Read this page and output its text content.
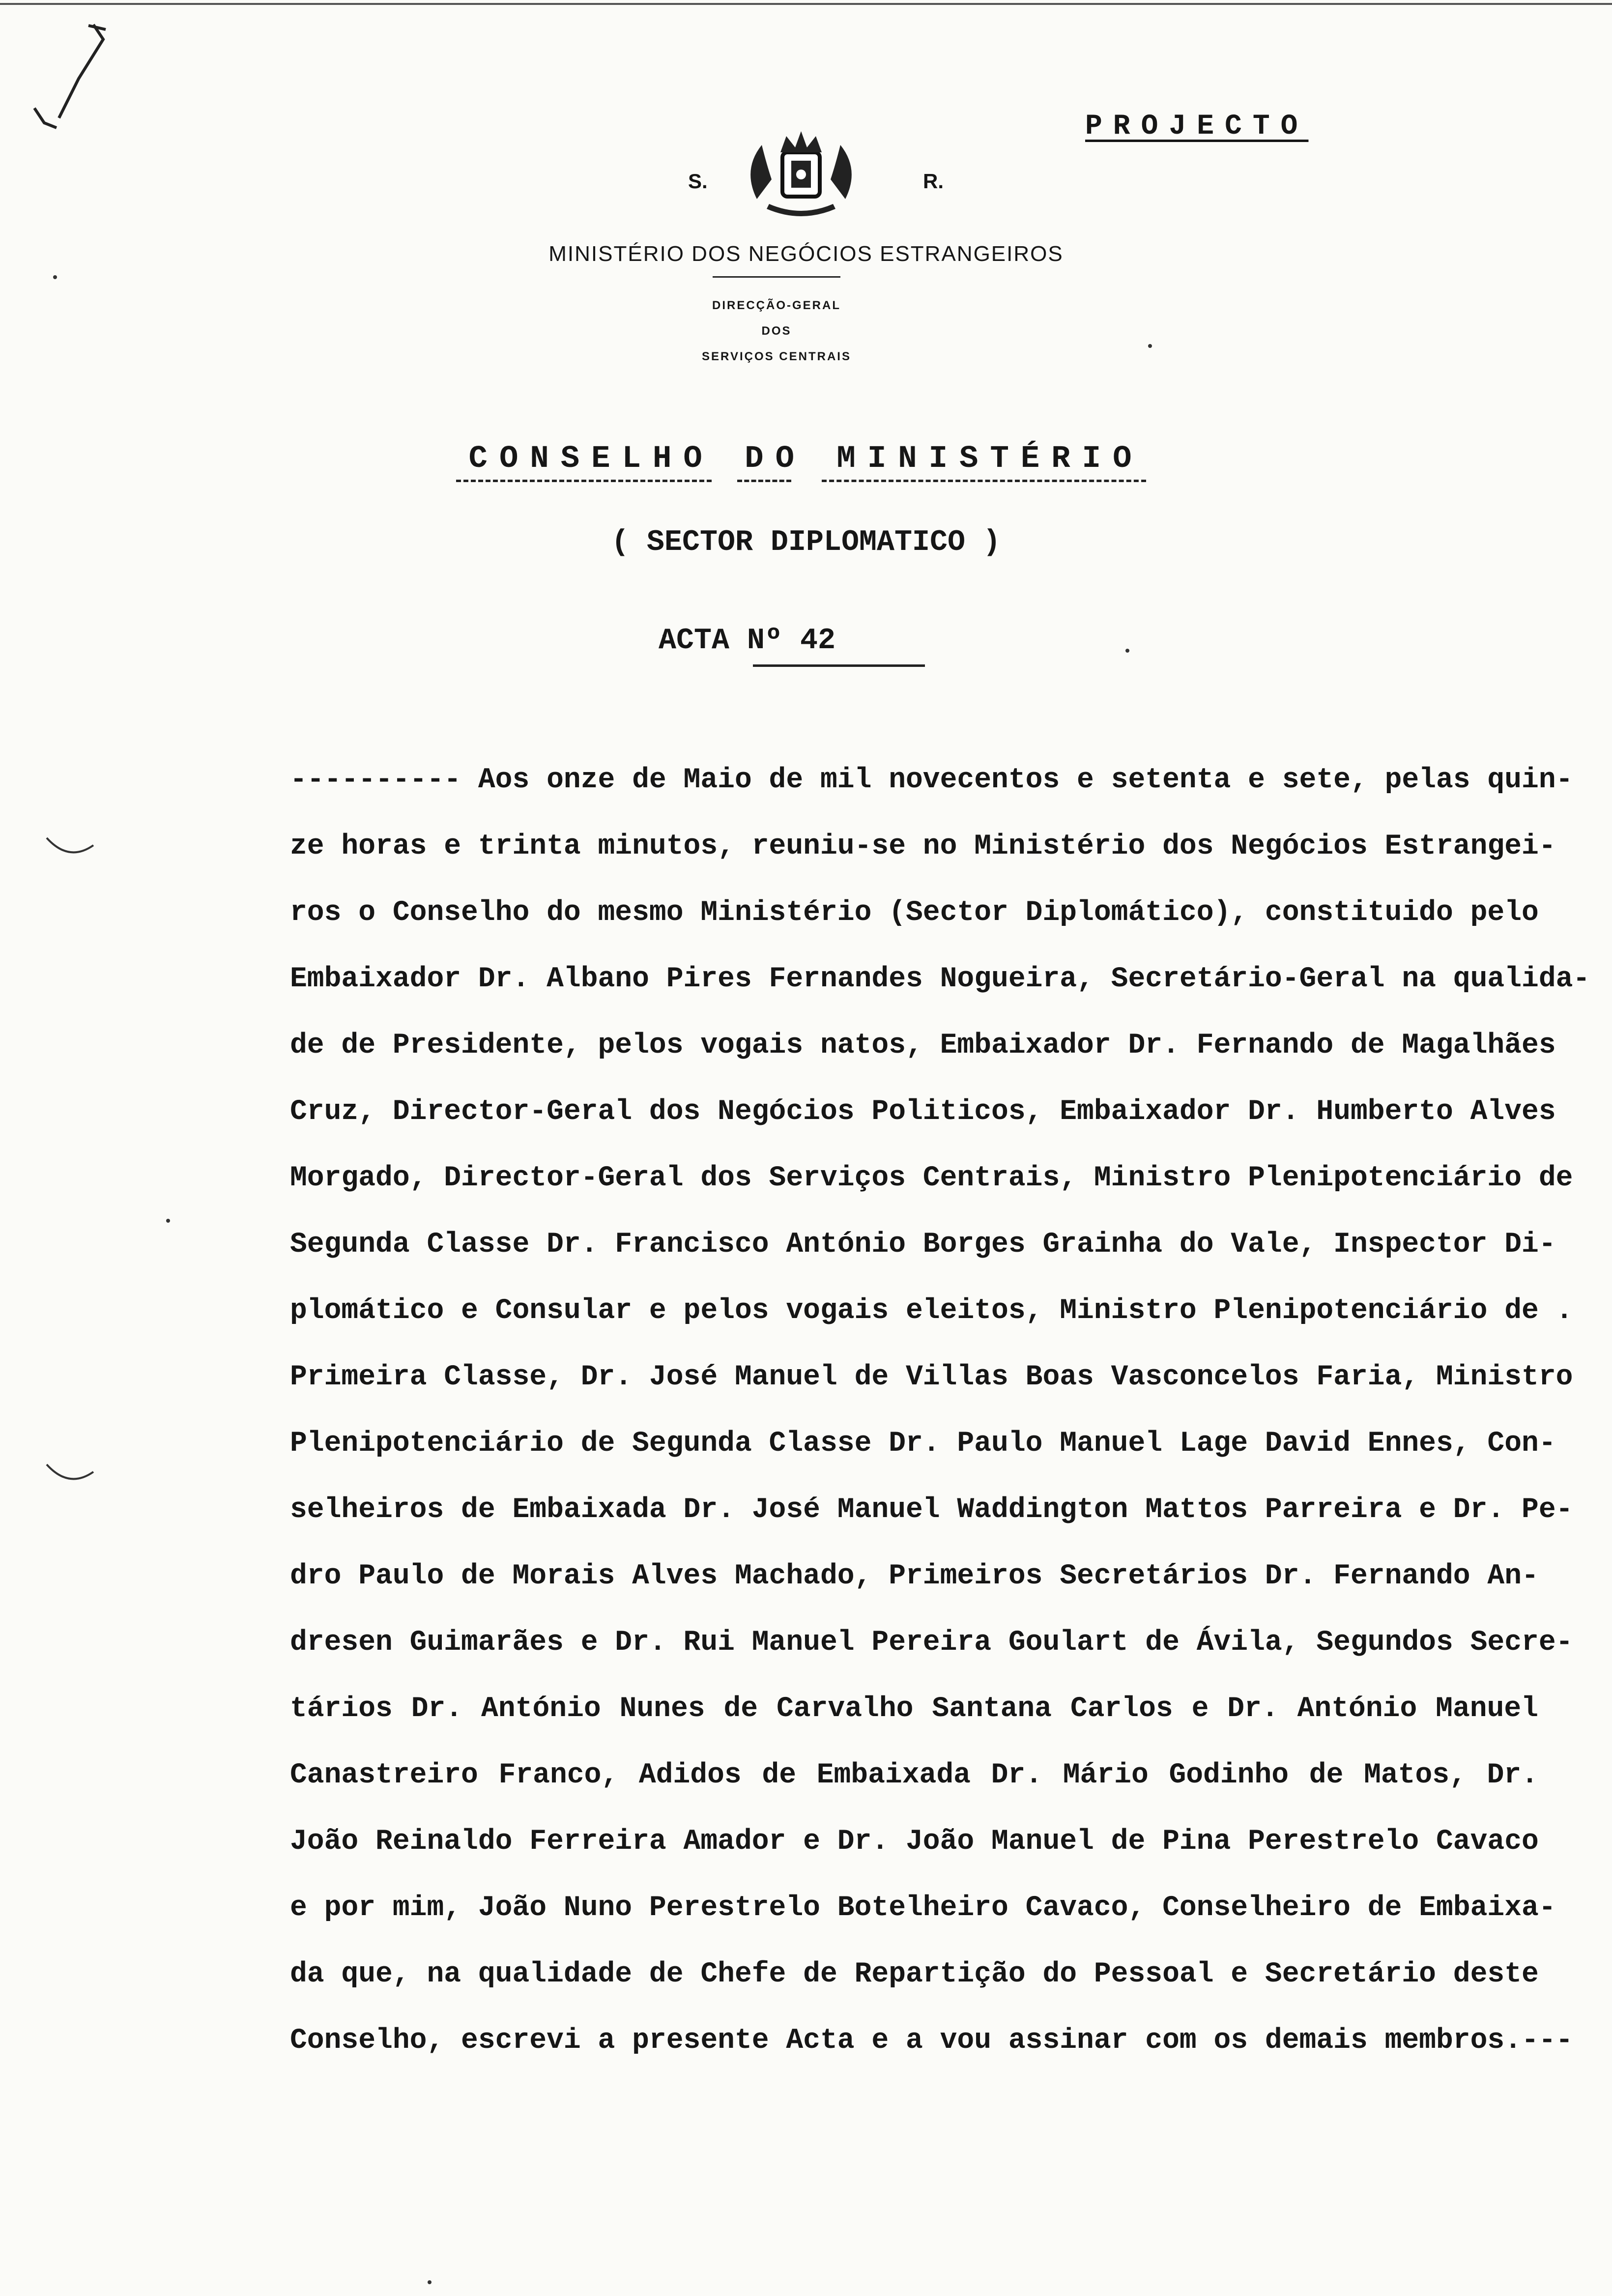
PROJECTO
S.	R.
MINISTÉRIO DOS NEGÓCIOS ESTRANGEIROS
DIRECÇÃO-GERAL
DOS
SERVIÇOS CENTRAIS
CONSELHO DO MINISTÉRIO
( SECTOR DIPLOMATICO )
ACTA Nº 42
---------- Aos onze de Maio de mil novecentos e setenta e sete, pelas quin-
ze horas e trinta minutos, reuniu-se no Ministério dos Negócios Estrangei-
ros o Conselho do mesmo Ministério (Sector Diplomático), constituido pelo
Embaixador Dr. Albano Pires Fernandes Nogueira, Secretário-Geral na qualida-
de de Presidente, pelos vogais natos, Embaixador Dr. Fernando de Magalhães
Cruz, Director-Geral dos Negócios Politicos, Embaixador Dr. Humberto Alves
Morgado, Director-Geral dos Serviços Centrais, Ministro Plenipotenciário de
Segunda Classe Dr. Francisco António Borges Grainha do Vale, Inspector Di-
plomático e Consular e pelos vogais eleitos, Ministro Plenipotenciário de .
Primeira Classe, Dr. José Manuel de Villas Boas Vasconcelos Faria, Ministro
Plenipotenciário de Segunda Classe Dr. Paulo Manuel Lage David Ennes, Con-
selheiros de Embaixada Dr. José Manuel Waddington Mattos Parreira e Dr. Pe-
dro Paulo de Morais Alves Machado, Primeiros Secretários Dr. Fernando An-
dresen Guimarães e Dr. Rui Manuel Pereira Goulart de Ávila, Segundos Secre-
tários Dr. António Nunes de Carvalho Santana Carlos e Dr. António Manuel
Canastreiro Franco, Adidos de Embaixada Dr. Mário Godinho de Matos, Dr.
João Reinaldo Ferreira Amador e Dr. João Manuel de Pina Perestrelo Cavaco
e por mim, João Nuno Perestrelo Botelheiro Cavaco, Conselheiro de Embaixa-
da que, na qualidade de Chefe de Repartição do Pessoal e Secretário deste
Conselho, escrevi a presente Acta e a vou assinar com os demais membros.---
